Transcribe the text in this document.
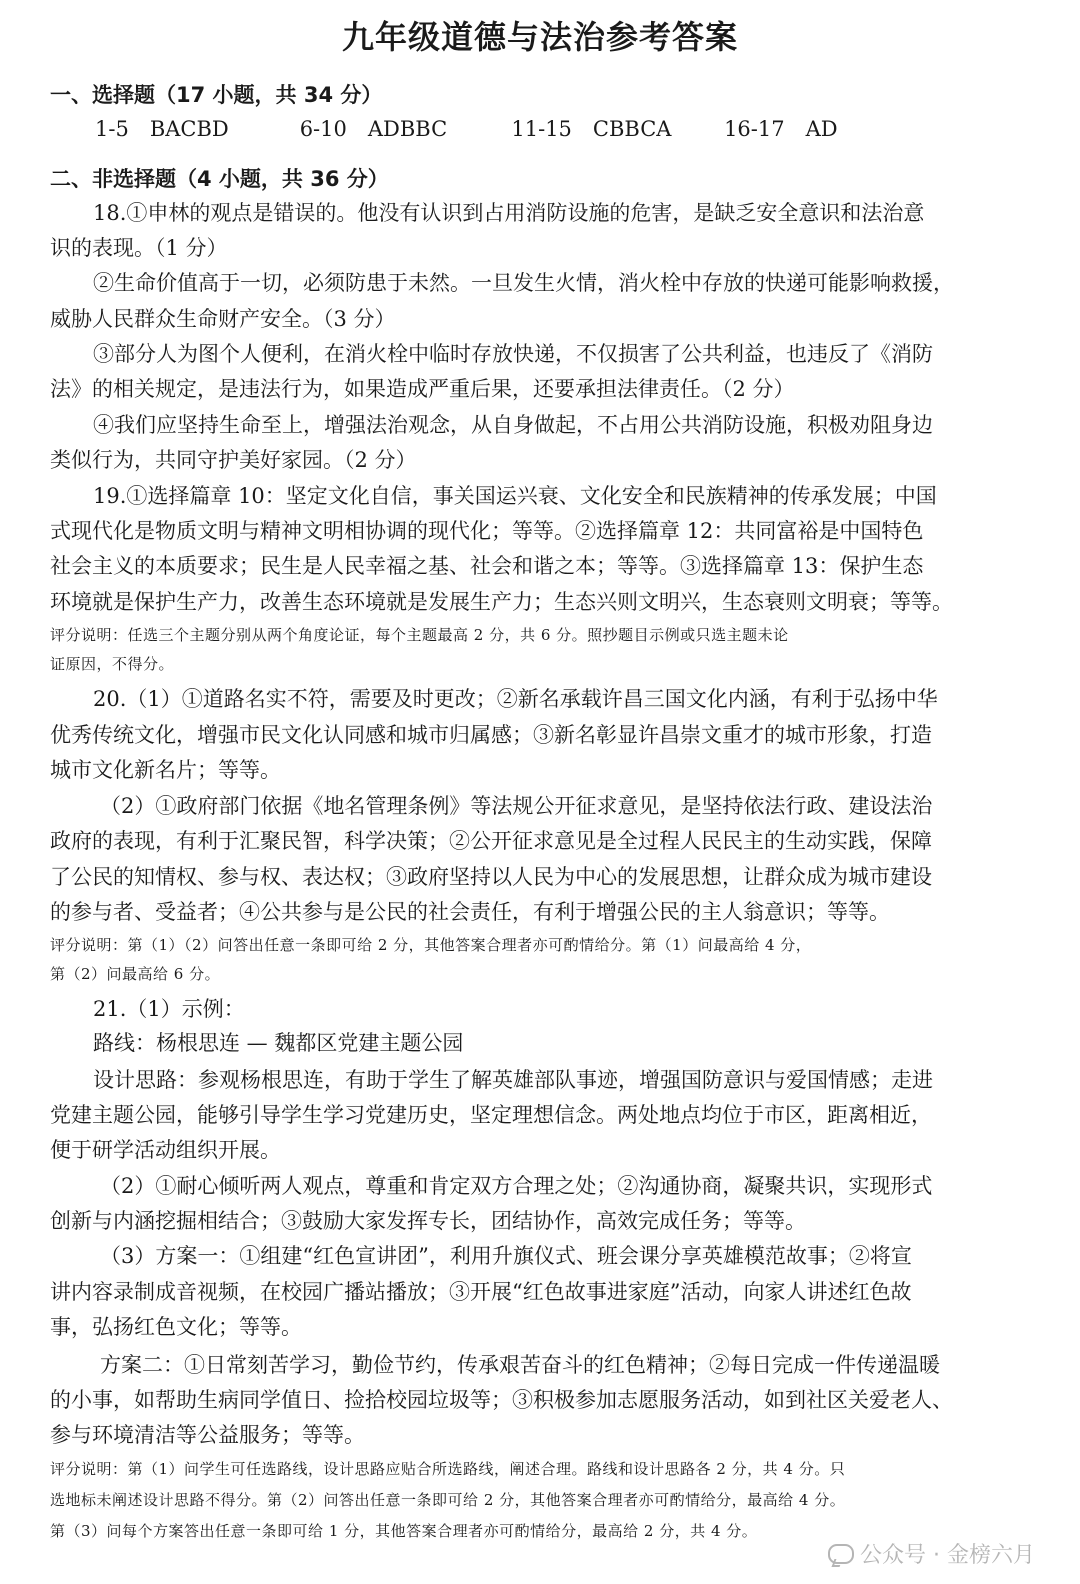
九年级道德与法治参考答案
一、选择题（17 小题，共 34 分）
1-5　BACBD	6-10　ADBBC	11-15　CBBCA	16-17　AD
二、非选择题（4 小题，共 36 分）
18.①申林的观点是错误的。他没有认识到占用消防设施的危害，是缺乏安全意识和法治意
识的表现。（1 分）
②生命价值高于一切，必须防患于未然。一旦发生火情，消火栓中存放的快递可能影响救援，
威胁人民群众生命财产安全。（3 分）
③部分人为图个人便利，在消火栓中临时存放快递，不仅损害了公共利益，也违反了《消防
法》的相关规定，是违法行为，如果造成严重后果，还要承担法律责任。（2 分）
④我们应坚持生命至上，增强法治观念，从自身做起，不占用公共消防设施，积极劝阻身边
类似行为，共同守护美好家园。（2 分）
19.①选择篇章 10：坚定文化自信，事关国运兴衰、文化安全和民族精神的传承发展；中国
式现代化是物质文明与精神文明相协调的现代化；等等。②选择篇章 12：共同富裕是中国特色
社会主义的本质要求；民生是人民幸福之基、社会和谐之本；等等。③选择篇章 13：保护生态
环境就是保护生产力，改善生态环境就是发展生产力；生态兴则文明兴，生态衰则文明衰；等等。
评分说明：任选三个主题分别从两个角度论证，每个主题最高 2 分，共 6 分。照抄题目示例或只选主题未论
证原因，不得分。
20.（1）①道路名实不符，需要及时更改；②新名承载许昌三国文化内涵，有利于弘扬中华
优秀传统文化，增强市民文化认同感和城市归属感；③新名彰显许昌崇文重才的城市形象，打造
城市文化新名片；等等。
（2）①政府部门依据《地名管理条例》等法规公开征求意见，是坚持依法行政、建设法治
政府的表现，有利于汇聚民智，科学决策；②公开征求意见是全过程人民民主的生动实践，保障
了公民的知情权、参与权、表达权；③政府坚持以人民为中心的发展思想，让群众成为城市建设
的参与者、受益者；④公共参与是公民的社会责任，有利于增强公民的主人翁意识；等等。
评分说明：第（1）（2）问答出任意一条即可给 2 分，其他答案合理者亦可酌情给分。第（1）问最高给 4 分，
第（2）问最高给 6 分。
21.（1）示例：
路线：杨根思连 — 魏都区党建主题公园
设计思路：参观杨根思连，有助于学生了解英雄部队事迹，增强国防意识与爱国情感；走进
党建主题公园，能够引导学生学习党建历史，坚定理想信念。两处地点均位于市区，距离相近，
便于研学活动组织开展。
（2）①耐心倾听两人观点，尊重和肯定双方合理之处；②沟通协商，凝聚共识，实现形式
创新与内涵挖掘相结合；③鼓励大家发挥专长，团结协作，高效完成任务；等等。
（3）方案一：①组建“红色宣讲团”，利用升旗仪式、班会课分享英雄模范故事；②将宣
讲内容录制成音视频，在校园广播站播放；③开展“红色故事进家庭”活动，向家人讲述红色故
事，弘扬红色文化；等等。
方案二：①日常刻苦学习，勤俭节约，传承艰苦奋斗的红色精神；②每日完成一件传递温暖
的小事，如帮助生病同学值日、捡拾校园垃圾等；③积极参加志愿服务活动，如到社区关爱老人、
参与环境清洁等公益服务；等等。
评分说明：第（1）问学生可任选路线，设计思路应贴合所选路线，阐述合理。路线和设计思路各 2 分，共 4 分。只
选地标未阐述设计思路不得分。第（2）问答出任意一条即可给 2 分，其他答案合理者亦可酌情给分，最高给 4 分。
第（3）问每个方案答出任意一条即可给 1 分，其他答案合理者亦可酌情给分，最高给 2 分，共 4 分。
公众号 · 金榜六月
